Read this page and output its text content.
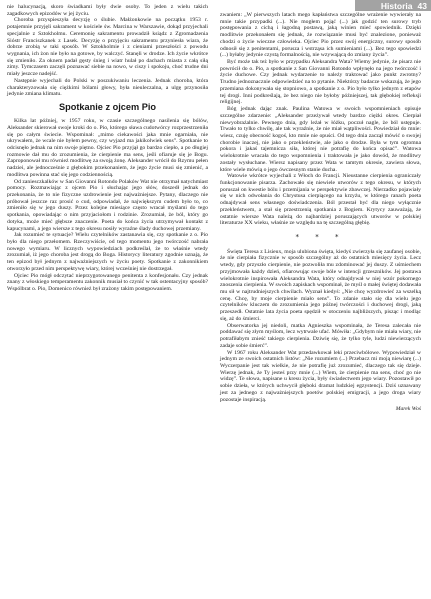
Historia 43

nie halucynacją, skoro świadkami były dwie osoby. To jeden z wielu takich zagadkowych epizodów w jej życiu.

Choroba przyspieszyła decyzję o ślubie. Małżonkowie na początku 1953 r. potajemnie przyjęli sakrament w kościele św. Marcina w Warszawie, dokąd przyjechali specjalnie z Sztokholmu. Ceremonię sakramentu prowadził ksiądz z Zgromadzenia Sióstr Franciszkanek z Lasek. Decyzję o przyjęciu sakramentu przyniesła wiara, że dobrze zrobią w taki sposób. W Sztokholmie i z cieniami przeszłości z powodu wygnania, ich żon nie było na gotowe, by walczyć. Stanęli w drodze. Ich życie wkrótce się zmieniło. Za oknem padał gęsty śnieg i wiatr hulał po dachach miasta z całą siłą zimy. Tymczasem zaczęli poznawać siebie na nowo, w ciszy i spokoju, choć trudne dni miały jeszcze nadejść.

Następnie wyjechali do Polski w poszukiwaniu leczenia. Jednak choroba, która charakteryzowała się ciężkimi bólami głowy, była nieuleczalna, a ulgę przynosiła jedynie zmiana klimatu.

Spotkanie z ojcem Pio

Kilka lat później, w 1957 roku, w czasie szczególnego nasilenia się bólów, Aleksander skierował swoje kroki do o. Pio, którego sława cudotwórcy rozprzestrzeniła się po całym świecie. Wspominał: „mimo ciekawości jaka mnie ogarniała, nie ukrywałem, że wcale nie byłem pewny, czy wyjazd ma jakikolwiek sens”. Spotkanie to odcisnęło jednak na nim swoje piętno. Ojciec Pio przyjął go bardzo ciepło, a po długiej rozmowie dał mu do zrozumienia, że cierpienie ma sens, jeśli ofiaruje się je Bogu. Zaproponował mu również modlitwę za swoją żonę. Aleksander wrócił do Rzymu pełen nadziei, ale jednocześnie z głębokim przekonaniem, że jego życie musi się zmienić, a modlitwa powinna stać się jego codziennością.

Od zaniesczkalków w San Giovanni Rotondo Polaków Wat nie otrzymał natychmiast pomocy. Rozmawiając z ojcem Pio i słuchając jego słów, doszedł jednak do przekonania, że to nie fizyczne uzdrowienie jest najważniejsze. Pytany, dlaczego nie próbował jeszcze raz prosić o cud, odpowiadał, że największym cudem było to, co zmieniło się w jego duszy. Przez kolejne miesiące często wracał myślami do tego spotkania, opowiadając o nim przyjaciołom i rodzinie. Zrozumiał, że ból, który go dotyka, może mieć głębsze znaczenie. Poeta do końca życia utrzymywał kontakt z kapucynami, a jego wiersze z tego okresu nosiły wyraźne ślady duchowej przemiany.

Jak rozumieć te sytuacje? Wielu czytelników zastanawia się, czy spotkanie z o. Pio było dla niego przełomem. Rzeczywiście, od tego momentu jego twórczość nabrała nowego wymiaru. W licznych wypowiedziach podkreślał, że to właśnie wtedy zrozumiał, iż jego choroba jest drogą do Boga. Historycy literatury zgodnie uznają, że ten epizod był jednym z najważniejszych w życiu poety. Spotkanie z zakonnikiem otworzyło przed nim perspektywę wiary, której wcześniej nie dostrzegał.

Ojciec Pio mógł odczytać nieprzygotowanego penitenta z konfesjonału. Czy jednak znany z włoskiego temperamentu zakonnik musiał to czynić w tak ostentacyjny sposób? Wspólbrat o. Pio, Domenico również był zrażony takim postępowaniem.

zwaniem: „W pierwszych latach mego kapłaństwa szczególne wrażenie wywierały na mnie takie przypadki (...). Nie mogłem pojąć (...) jak godzić ten surowy tryb postępowania z cichą i łagodną postawą, jaką winien mieć spowiednik. Dzięki modlitwie przekonałem się jednak, że rozwiązanie musi być znalezione, ponieważ chodzi o życie wieczne człowieka. Ojciec Pio przez swój energiczny, surowy sposób odnosił się z penitentami, porusza i wstrząsa ich sumieniami (...). Bez tego spowiedzi (...) byłaby jedynie czystą formalnością, nie wzywającą do zmiany życia”.

Być może tak też było w przypadku Aleksandra Wata? Wiemy jedynie, że pisarz nie powrócił do o. Pio, a spotkanie z San Giovanni Rotondo wpłynęło na jego twórczość i życie duchowe. Czy jednak wydarzenie to należy traktować jako punkt zwrotny? Trudno jednoznacznie odpowiedzieć na to pytanie. Niektórzy badacze wskazują, że jego przemiana dokonywała się stopniowo, a spotkanie z o. Pio było tylko jednym z etapów tej drogi. Inni podkreślają, że bez niego nie byłoby późniejszej, tak głębokiej refleksji religijnej.

Bóg jednak dając znak. Paulina Watowa w swoich wspomnieniach opisuje szczególne zdarzenie: „Aleksander przeżywał wtedy bardzo ciężki okres. Cierpiał niewyobrażalnie. Pewnego dnia, gdy leżał w łóżku, poczuł nagle, że ból ustępuje. Trwało to tylko chwilę, ale tak wyraźnie, że nie miał wątpliwości. Powiedział do mnie: wiesz, czuję obecność kogoś, kto mnie nie opuści. Od tego dnia zaczął mówić o swojej chorobie inaczej, nie jako o przekleństwie, ale jako o drodze. Była w tym ogromna pokora i jakaś tajemnicza siła, której nie potrafię do końca opisać”. Watowa wielokrotnie wracała do tego wspomnienia i traktowała je jako dowód, że modlitwy zostały wysłuchane. Wiersz napisany przez Wata w tamtym okresie, zawiera słowa, które wiele mówią o jego ówczesnym stanie ducha.

Watowie wkrótce wyjechali z Włoch do Francji. Nieustanne cierpienia ograniczały funkcjonowanie pisarza. Zachowało się niewiele utworów z tego okresu, w których poruszał on kwestie bólu i przemijania w perspektywie zbawczej. Nierzadko pojawiały się w nich odwołania do Chrystusa cierpiącego na krzyżu, w którego ranach poeta odnajdywał sens własnego doświadczenia. Ból przestał być dla niego wyłącznie przekleństwem, a stał się przestrzenią spotkania z Bogiem. Krytycy zauważają, że ostatnie wiersze Wata należą do najbardziej poruszających utworów w polskiej literaturze XX wieku, właśnie ze względu na tę szczególną głębię.

* * *

Święta Teresa z Lisieux, moja ulubiona święta, kiedyś zwierzyła się zaufanej osobie, że nie cierpiała fizycznie w sposób szczególny aż do ostatnich miesięcy życia. Lecz wtedy, gdy przyszło cierpienie, nie pozwoliła mu zdominować jej duszy. Z uśmiechem przyjmowała każdy dzień, ofiarowując swoje bóle w intencji grzeszników. Jej postawa wielokrotnie inspirowała Aleksandra Wata, który odnajdywał w niej wzór pokornego znoszenia cierpienia. W swoich zapiskach wspominał, że myśl o małej świętej dodawała mu sił w najtrudniejszych chwilach. Wyznał kiedyś: „Nie chcę wyzdrowieć za wszelką cenę. Chcę, by moje cierpienie miało sens”. To zdanie stało się dla wielu jego czytelników kluczem do zrozumienia jego późnej twórczości i duchowej drogi, jaką przeszedł. Ostatnie lata życia poeta spędził w otoczeniu najbliższych, pisząc i modląc się, aż do śmierci.

Obserwatorka jej niedoli, matka Agnieszka wspominała, że Teresa zalecała nie poddawać się złym myślom, lecz wytrwale ufać. Mówiła: „Gdybym nie miała wiary, nie potrafiłabym znieść takiego cierpienia. Dziwię się, że tylko tyle, ludzi niewierzących zadaje sobie śmierć”.

W 1967 roku Aleksander Wat przedawkował leki przeciwbólowe. Wypowiedział w jednym ze swoich ostatnich listów: „Nie rozumiem (...) Przebacz mi moją niewiarę (...) Wyczerpanie jest tak wielkie, że nie potrafię już zrozumieć, dlaczego tak się dzieje. Wierzę jednak, że Ty jesteś przy mnie (...) Wiem, że cierpienie ma sens, choć go nie widzę”. Te słowa, napisane u kresu życia, były świadectwem jego wiary. Pozostawił po sobie dzieła, w których uchwycił głęboki dramat ludzkiej egzystencji. Dziś uznawany jest za jednego z najważniejszych poetów polskiej emigracji, a jego droga wiary pozostaje inspiracją.

Marek Woś
